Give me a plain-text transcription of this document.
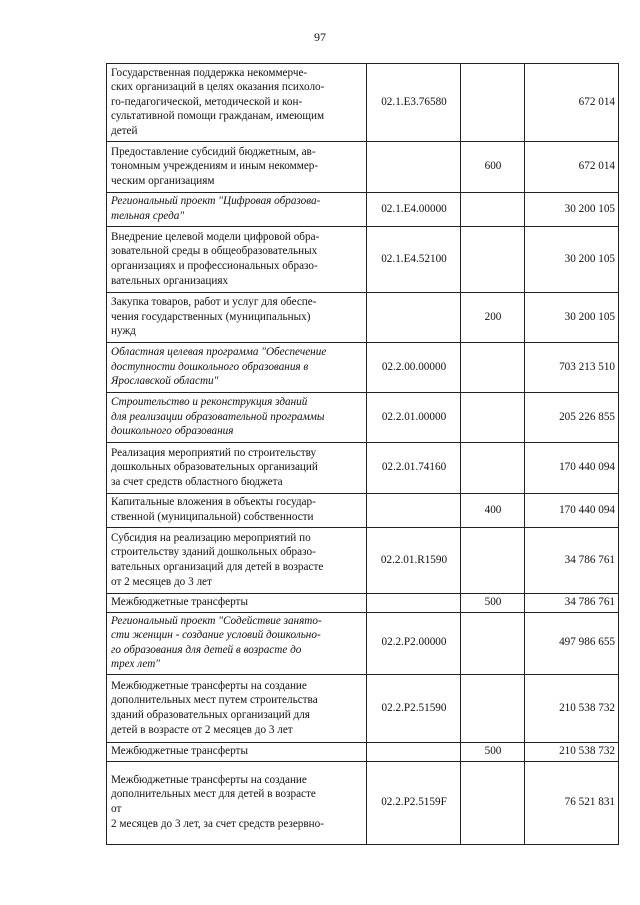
97
Государственная поддержка некоммерче-
ских организаций в целях оказания психоло-
го-педагогической, методической и кон-
сультативной помощи гражданам, имеющим
детей	02.1.E3.76580		672 014
Предоставление субсидий бюджетным, ав-
тономным учреждениям и иным некоммер-
ческим организациям		600	672 014
Региональный проект "Цифровая образова-
тельная среда"	02.1.E4.00000		30 200 105
Внедрение целевой модели цифровой обра-
зовательной среды в общеобразовательных
организациях и профессиональных образо-
вательных организациях	02.1.E4.52100		30 200 105
Закупка товаров, работ и услуг для обеспе-
чения государственных (муниципальных)
нужд		200	30 200 105
Областная целевая программа "Обеспечение
доступности дошкольного образования в
Ярославской области"	02.2.00.00000		703 213 510
Строительство и реконструкция зданий
для реализации образовательной программы
дошкольного образования	02.2.01.00000		205 226 855
Реализация мероприятий по строительству
дошкольных образовательных организаций
за счет средств областного бюджета	02.2.01.74160		170 440 094
Капитальные вложения в объекты государ-
ственной (муниципальной) собственности		400	170 440 094
Субсидия на реализацию мероприятий по
строительству зданий дошкольных образо-
вательных организаций для детей в возрасте
от 2 месяцев до 3 лет	02.2.01.R1590		34 786 761
Межбюджетные трансферты		500	34 786 761
Региональный проект "Содействие занято-
сти женщин - создание условий дошкольно-
го образования для детей в возрасте до
трех лет"	02.2.P2.00000		497 986 655
Межбюджетные трансферты на создание
дополнительных мест путем строительства
зданий образовательных организаций для
детей в возрасте от 2 месяцев до 3 лет	02.2.P2.51590		210 538 732
Межбюджетные трансферты		500	210 538 732
Межбюджетные трансферты на создание
дополнительных мест для детей в возрасте
от
2 месяцев до 3 лет, за счет средств резервно-	02.2.P2.5159F		76 521 831
